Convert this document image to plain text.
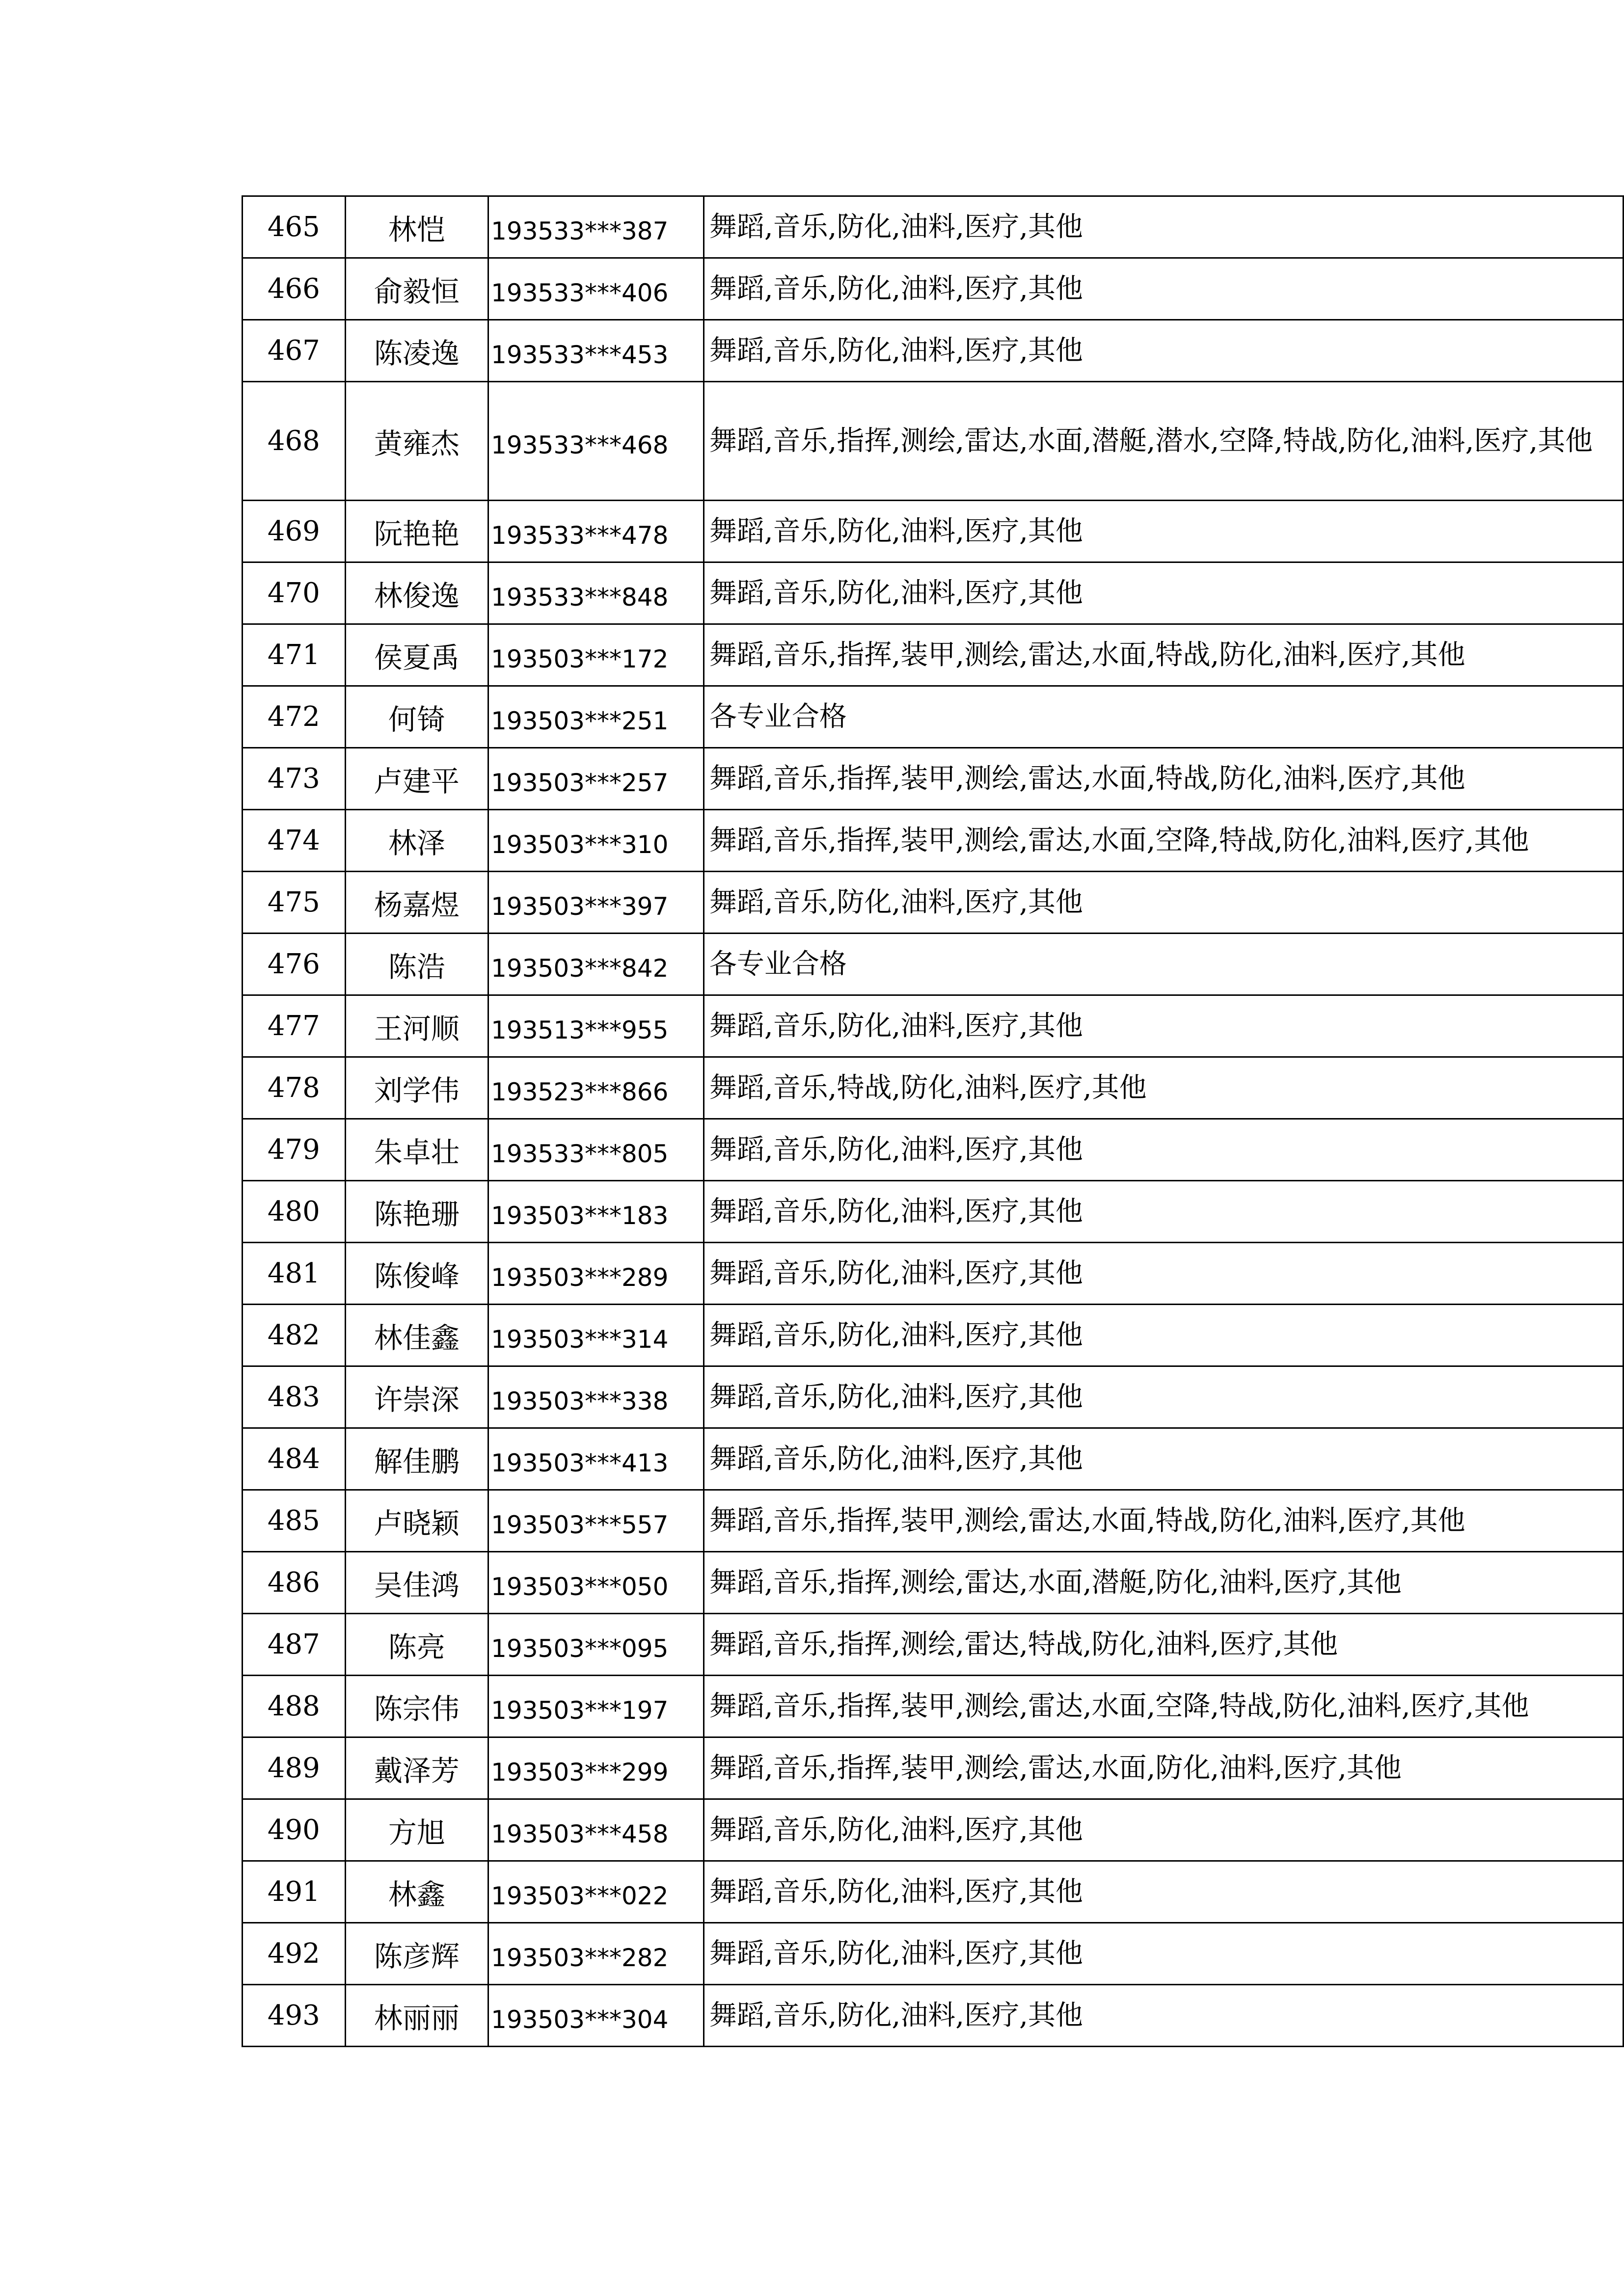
465	林恺	193533***387	舞蹈,音乐,防化,油料,医疗,其他
466	俞毅恒	193533***406	舞蹈,音乐,防化,油料,医疗,其他
467	陈凌逸	193533***453	舞蹈,音乐,防化,油料,医疗,其他
468	黄雍杰	193533***468	舞蹈,音乐,指挥,测绘,雷达,水面,潜艇,潜水,空降,特战,防化,油料,医疗,其他
469	阮艳艳	193533***478	舞蹈,音乐,防化,油料,医疗,其他
470	林俊逸	193533***848	舞蹈,音乐,防化,油料,医疗,其他
471	侯夏禹	193503***172	舞蹈,音乐,指挥,装甲,测绘,雷达,水面,特战,防化,油料,医疗,其他
472	何锜	193503***251	各专业合格
473	卢建平	193503***257	舞蹈,音乐,指挥,装甲,测绘,雷达,水面,特战,防化,油料,医疗,其他
474	林泽	193503***310	舞蹈,音乐,指挥,装甲,测绘,雷达,水面,空降,特战,防化,油料,医疗,其他
475	杨嘉煜	193503***397	舞蹈,音乐,防化,油料,医疗,其他
476	陈浩	193503***842	各专业合格
477	王河顺	193513***955	舞蹈,音乐,防化,油料,医疗,其他
478	刘学伟	193523***866	舞蹈,音乐,特战,防化,油料,医疗,其他
479	朱卓壮	193533***805	舞蹈,音乐,防化,油料,医疗,其他
480	陈艳珊	193503***183	舞蹈,音乐,防化,油料,医疗,其他
481	陈俊峰	193503***289	舞蹈,音乐,防化,油料,医疗,其他
482	林佳鑫	193503***314	舞蹈,音乐,防化,油料,医疗,其他
483	许崇深	193503***338	舞蹈,音乐,防化,油料,医疗,其他
484	解佳鹏	193503***413	舞蹈,音乐,防化,油料,医疗,其他
485	卢晓颖	193503***557	舞蹈,音乐,指挥,装甲,测绘,雷达,水面,特战,防化,油料,医疗,其他
486	吴佳鸿	193503***050	舞蹈,音乐,指挥,测绘,雷达,水面,潜艇,防化,油料,医疗,其他
487	陈亮	193503***095	舞蹈,音乐,指挥,测绘,雷达,特战,防化,油料,医疗,其他
488	陈宗伟	193503***197	舞蹈,音乐,指挥,装甲,测绘,雷达,水面,空降,特战,防化,油料,医疗,其他
489	戴泽芳	193503***299	舞蹈,音乐,指挥,装甲,测绘,雷达,水面,防化,油料,医疗,其他
490	方旭	193503***458	舞蹈,音乐,防化,油料,医疗,其他
491	林鑫	193503***022	舞蹈,音乐,防化,油料,医疗,其他
492	陈彦辉	193503***282	舞蹈,音乐,防化,油料,医疗,其他
493	林丽丽	193503***304	舞蹈,音乐,防化,油料,医疗,其他
